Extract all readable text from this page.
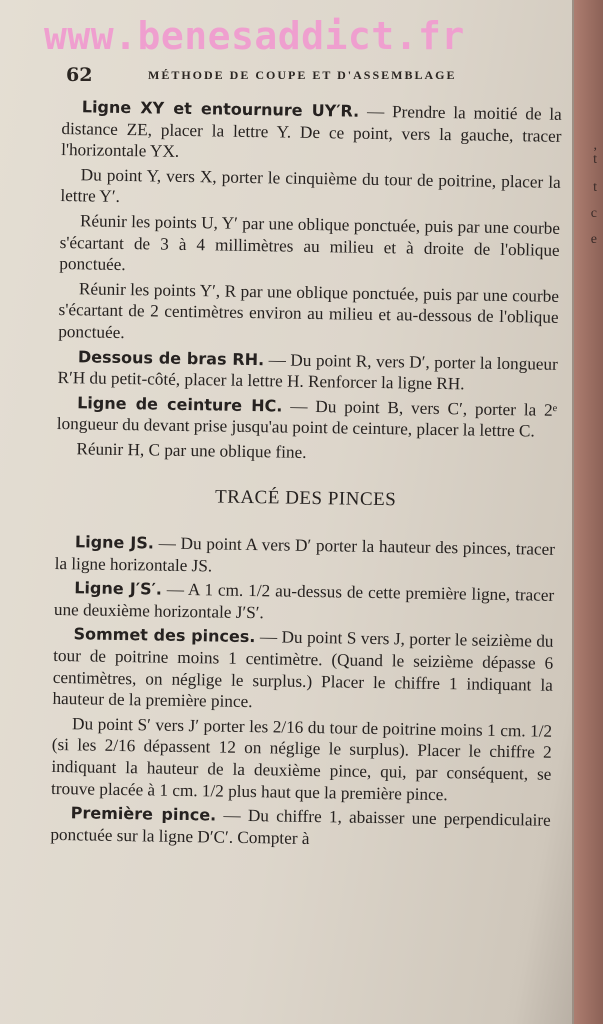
,
t
t
c
e
62	MÉTHODE DE COUPE ET D'ASSEMBLAGE

Ligne XY et entournure UY′R. — Prendre la moitié de la distance ZE, placer la lettre Y. De ce point, vers la gauche, tracer l'horizontale YX.

Du point Y, vers X, porter le cinquième du tour de poitrine, placer la lettre Y′.

Réunir les points U, Y′ par une oblique ponctuée, puis par une courbe s'écartant de 3 à 4 millimètres au milieu et à droite de l'oblique ponctuée.

Réunir les points Y′, R par une oblique ponctuée, puis par une courbe s'écartant de 2 centimètres environ au milieu et au-dessous de l'oblique ponctuée.

Dessous de bras RH. — Du point R, vers D′, porter la longueur R′H du petit-côté, placer la lettre H. Renforcer la ligne RH.

Ligne de ceinture HC. — Du point B, vers C′, porter la 2ᵉ longueur du devant prise jusqu'au point de ceinture, placer la lettre C.

Réunir H, C par une oblique fine.

TRACÉ DES PINCES

Ligne JS. — Du point A vers D′ porter la hauteur des pinces, tracer la ligne horizontale JS.

Ligne J′S′. — A 1 cm. 1/2 au-dessus de cette première ligne, tracer une deuxième horizontale J′S′.

Sommet des pinces. — Du point S vers J, porter le seizième du tour de poitrine moins 1 centimètre. (Quand le seizième dépasse 6 centimètres, on néglige le surplus.) Placer le chiffre 1 indiquant la hauteur de la première pince.

Du point S′ vers J′ porter les 2/16 du tour de poitrine moins 1 cm. 1/2 (si les 2/16 dépassent 12 on néglige le surplus). Placer le chiffre 2 indiquant la hauteur de la deuxième pince, qui, par conséquent, se trouve placée à 1 cm. 1/2 plus haut que la première pince.

Première pince. — Du chiffre 1, abaisser une perpendiculaire ponctuée sur la ligne D′C′. Compter à

www.benesaddict.fr
